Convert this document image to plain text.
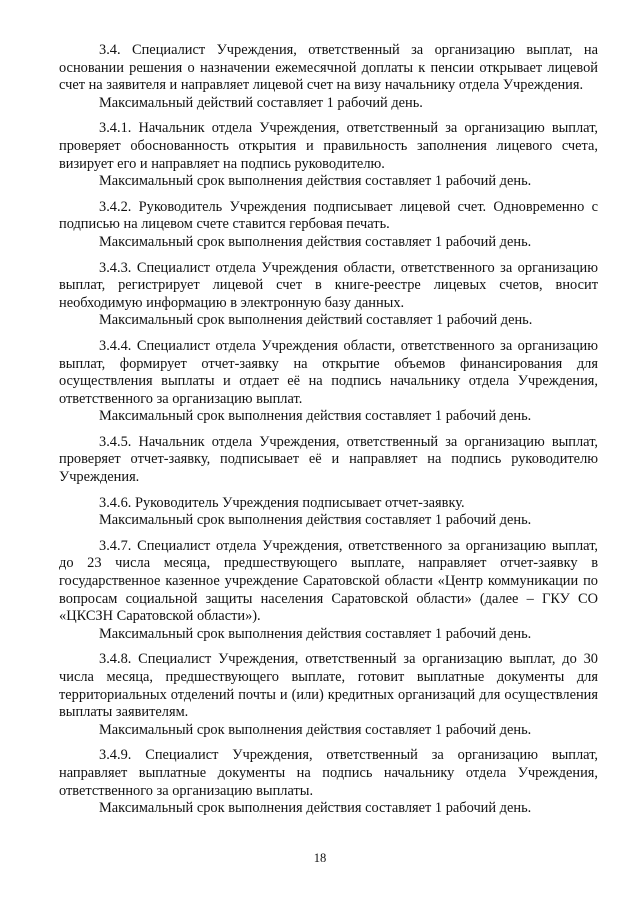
3.4. Специалист Учреждения, ответственный за организацию выплат, на основании решения о назначении ежемесячной доплаты к пенсии открывает лицевой счет на заявителя и направляет лицевой счет на визу начальнику отдела Учреждения.

Максимальный действий составляет 1 рабочий день.

3.4.1. Начальник отдела Учреждения, ответственный за организацию выплат, проверяет обоснованность открытия и правильность заполнения лицевого счета, визирует его и направляет на подпись руководителю.

Максимальный срок выполнения действия составляет 1 рабочий день.

3.4.2. Руководитель Учреждения подписывает лицевой счет. Одновременно с подписью на лицевом счете ставится гербовая печать.

Максимальный срок выполнения действия составляет 1 рабочий день.

3.4.3. Специалист отдела Учреждения области, ответственного за организацию выплат, регистрирует лицевой счет в книге-реестре лицевых счетов, вносит необходимую информацию в электронную базу данных.

Максимальный срок выполнения действий составляет 1 рабочий день.

3.4.4. Специалист отдела Учреждения области, ответственного за организацию выплат, формирует отчет-заявку на открытие объемов финансирования для осуществления выплаты и отдает её на подпись начальнику отдела Учреждения, ответственного за организацию выплат.

Максимальный срок выполнения действия составляет 1 рабочий день.

3.4.5. Начальник отдела Учреждения, ответственный за организацию выплат, проверяет отчет-заявку, подписывает её и направляет на подпись руководителю Учреждения.

3.4.6. Руководитель Учреждения подписывает отчет-заявку.

Максимальный срок выполнения действия составляет 1 рабочий день.

3.4.7. Специалист отдела Учреждения, ответственного за организацию выплат, до 23 числа месяца, предшествующего выплате, направляет отчет-заявку в государственное казенное учреждение Саратовской области «Центр коммуникации по вопросам социальной защиты населения Саратовской области» (далее – ГКУ СО «ЦКСЗН Саратовской области»).

Максимальный срок выполнения действия составляет 1 рабочий день.

3.4.8. Специалист Учреждения, ответственный за организацию выплат, до 30 числа месяца, предшествующего выплате, готовит выплатные документы для территориальных отделений почты и (или) кредитных организаций для осуществления выплаты заявителям.

Максимальный срок выполнения действия составляет 1 рабочий день.

3.4.9. Специалист Учреждения, ответственный за организацию выплат, направляет выплатные документы на подпись начальнику отдела Учреждения, ответственного за организацию выплаты.

Максимальный срок выполнения действия составляет 1 рабочий день.

18
